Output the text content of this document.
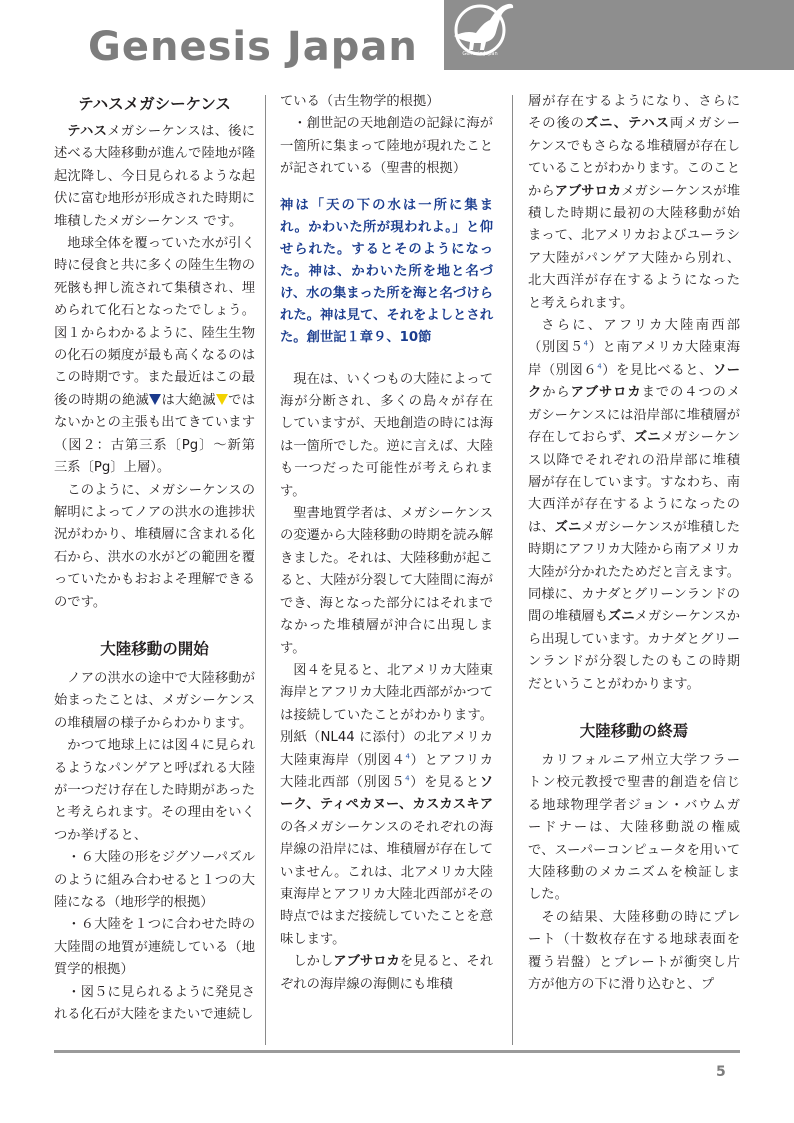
Genesis Japan	Genesis Japan
テハスメガシーケンス

テハスメガシーケンスは、後に述べる大陸移動が進んで陸地が隆起沈降し、今日見られるような起伏に富む地形が形成された時期に堆積したメガシーケンス です。

地球全体を覆っていた水が引く時に侵食と共に多くの陸生生物の死骸も押し流されて集積され、埋められて化石となったでしょう。図１からわかるように、陸生生物の化石の頻度が最も高くなるのはこの時期です。また最近はこの最後の時期の絶滅 は大絶滅 ではないかとの主張も出てきています（図２：古第三系〔Pg〕～新第三系〔Pg〕上層）。

このように、メガシーケンスの解明によってノアの洪水の進捗状況がわかり、堆積層に含まれる化石から、洪水の水がどの範囲を覆っていたかもおおよそ理解できるのです。

大陸移動の開始

ノアの洪水の途中で大陸移動が始まったことは、メガシーケンスの堆積層の様子からわかります。

かつて地球上には図４に見られるようなパンゲアと呼ばれる大陸が一つだけ存在した時期があったと考えられます。その理由をいくつか挙げると、

・６大陸の形をジグソーパズルのように組み合わせると１つの大陸になる（地形学的根拠）

・６大陸を１つに合わせた時の大陸間の地質が連続している（地質学的根拠）

・図５に見られるように発見される化石が大陸をまたいで連続し

ている（古生物学的根拠）

・創世記の天地創造の記録に海が一箇所に集まって陸地が現れたことが記されている（聖書的根拠）

神は「天の下の水は一所に集まれ。かわいた所が現われよ。」と仰せられた。するとそのようになった。神は、かわいた所を地と名づけ、水の集まった所を海と名づけられた。神は見て、それをよしとされた。創世記１章９、10節

現在は、いくつもの大陸によって海が分断され、多くの島々が存在していますが、天地創造の時には海は一箇所でした。逆に言えば、大陸も一つだった可能性が考えられます。

聖書地質学者は、メガシーケンスの変遷から大陸移動の時期を読み解きました。それは、大陸移動が起こると、大陸が分裂して大陸間に海ができ、海となった部分にはそれまでなかった堆積層が沖合に出現します。

図４を見ると、北アメリカ大陸東海岸とアフリカ大陸北西部がかつては接続していたことがわかります。別紙（NL44 に添付）の北アメリカ大陸東海岸（別図$4^4$）とアフリカ大陸北西部（別図$5^4$）を見るとソーク、ティペカヌー、カスカスキアの各メガシーケンスのそれぞれの海岸線の沿岸には、堆積層が存在していません。これは、北アメリカ大陸東海岸とアフリカ大陸北西部がその時点ではまだ接続していたことを意味します。

しかしアブサロカを見ると、それぞれの海岸線の海側にも堆積

層が存在するようになり、さらにその後のズニ、テハス両メガシーケンスでもさらなる堆積層が存在していることがわかります。このことからアブサロカメガシーケンスが堆積した時期に最初の大陸移動が始まって、北アメリカおよびユーラシア大陸がパンゲア大陸から別れ、北大西洋が存在するようになったと考えられます。

さらに、アフリカ大陸南西部（別図$5^4$）と南アメリカ大陸東海岸（別図$6^4$）を見比べると、ソークからアブサロカまでの４つのメガシーケンスには沿岸部に堆積層が存在しておらず、ズニメガシーケンス以降でそれぞれの沿岸部に堆積層が存在しています。すなわち、南大西洋が存在するようになったのは、ズニメガシーケンスが堆積した時期にアフリカ大陸から南アメリカ大陸が分かれたためだと言えます。同様に、カナダとグリーンランドの間の堆積層もズニメガシーケンスから出現しています。カナダとグリーンランドが分裂したのもこの時期だということがわかります。

大陸移動の終焉

カリフォルニア州立大学フラートン校元教授で聖書的創造を信じる地球物理学者ジョン・バウムガードナーは、大陸移動説の権威で、スーパーコンピュータを用いて大陸移動のメカニズムを検証しました。

その結果、大陸移動の時にプレート（十数枚存在する地球表面を覆う岩盤）とプレートが衝突し片方が他方の下に滑り込むと、プ

5
